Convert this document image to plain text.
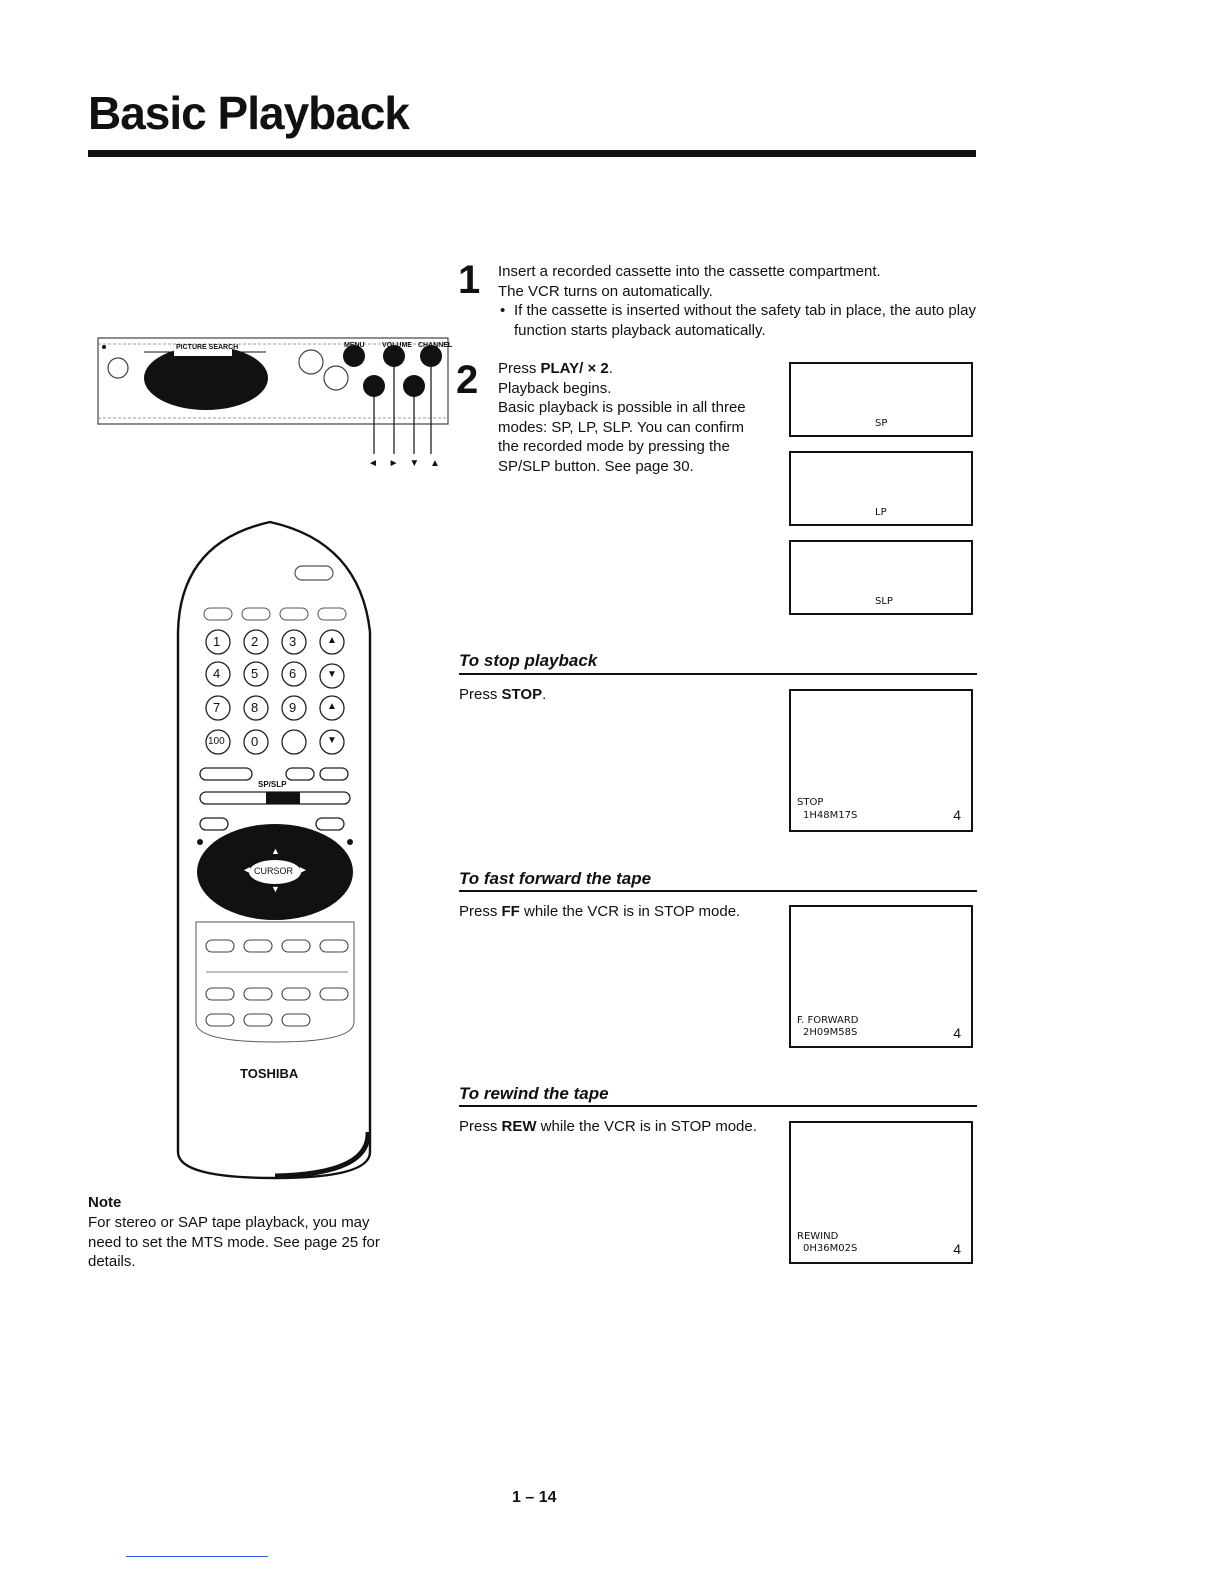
Basic Playback
PICTURE SEARCH	MENU VOLUME CHANNEL
◄ ► ▼ ▲
1 2 3
4 5 6
7 8 9
100 0
▲
▼
▲
▼
SP/SLP
CURSOR
◄	►
▲
▼
TOSHIBA
1 Insert a recorded cassette into the cassette compartment.
The VCR turns on automatically.
• If the cassette is inserted without the safety tab in place, the auto play function starts playback automatically.
2 Press PLAY/ × 2.
Playback begins.
Basic playback is possible in all three
modes: SP, LP, SLP. You can confirm
the recorded mode by pressing the
SP/SLP button. See page 30.
SP
LP
SLP
To stop playback
Press STOP.
STOP
1H48M17S	4
To fast forward the tape
Press FF while the VCR is in STOP mode.
F. FORWARD
2H09M58S	4
To rewind the tape
Press REW while the VCR is in STOP mode.
REWIND
0H36M02S	4
Note
For stereo or SAP tape playback, you may
need to set the MTS mode. See page 25 for
details.
1 – 14
